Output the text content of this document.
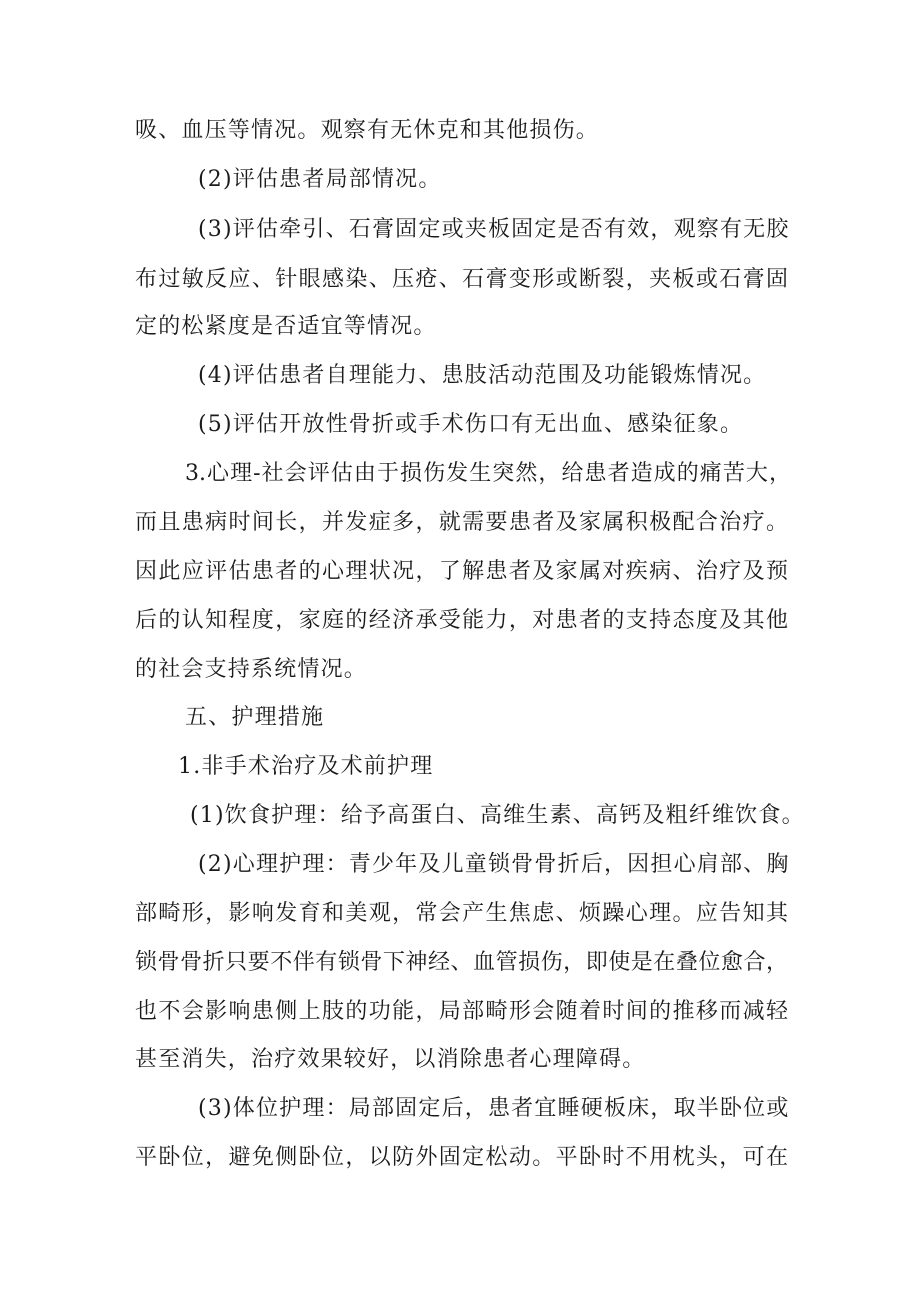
吸、血压等情况。观察有无休克和其他损伤。
(2)评估患者局部情况。
(3)评估牵引、石膏固定或夹板固定是否有效，观察有无胶
布过敏反应、针眼感染、压疮、石膏变形或断裂，夹板或石膏固
定的松紧度是否适宜等情况。
(4)评估患者自理能力、患肢活动范围及功能锻炼情况。
(5)评估开放性骨折或手术伤口有无出血、感染征象。
3.心理-社会评估由于损伤发生突然，给患者造成的痛苦大，
而且患病时间长，并发症多，就需要患者及家属积极配合治疗。
因此应评估患者的心理状况，了解患者及家属对疾病、治疗及预
后的认知程度，家庭的经济承受能力，对患者的支持态度及其他
的社会支持系统情况。
五、护理措施
1.非手术治疗及术前护理
(1)饮食护理：给予高蛋白、高维生素、高钙及粗纤维饮食。
(2)心理护理：青少年及儿童锁骨骨折后，因担心肩部、胸
部畸形，影响发育和美观，常会产生焦虑、烦躁心理。应告知其
锁骨骨折只要不伴有锁骨下神经、血管损伤，即使是在叠位愈合，
也不会影响患侧上肢的功能，局部畸形会随着时间的推移而减轻
甚至消失，治疗效果较好，以消除患者心理障碍。
(3)体位护理：局部固定后，患者宜睡硬板床，取半卧位或
平卧位，避免侧卧位，以防外固定松动。平卧时不用枕头，可在
